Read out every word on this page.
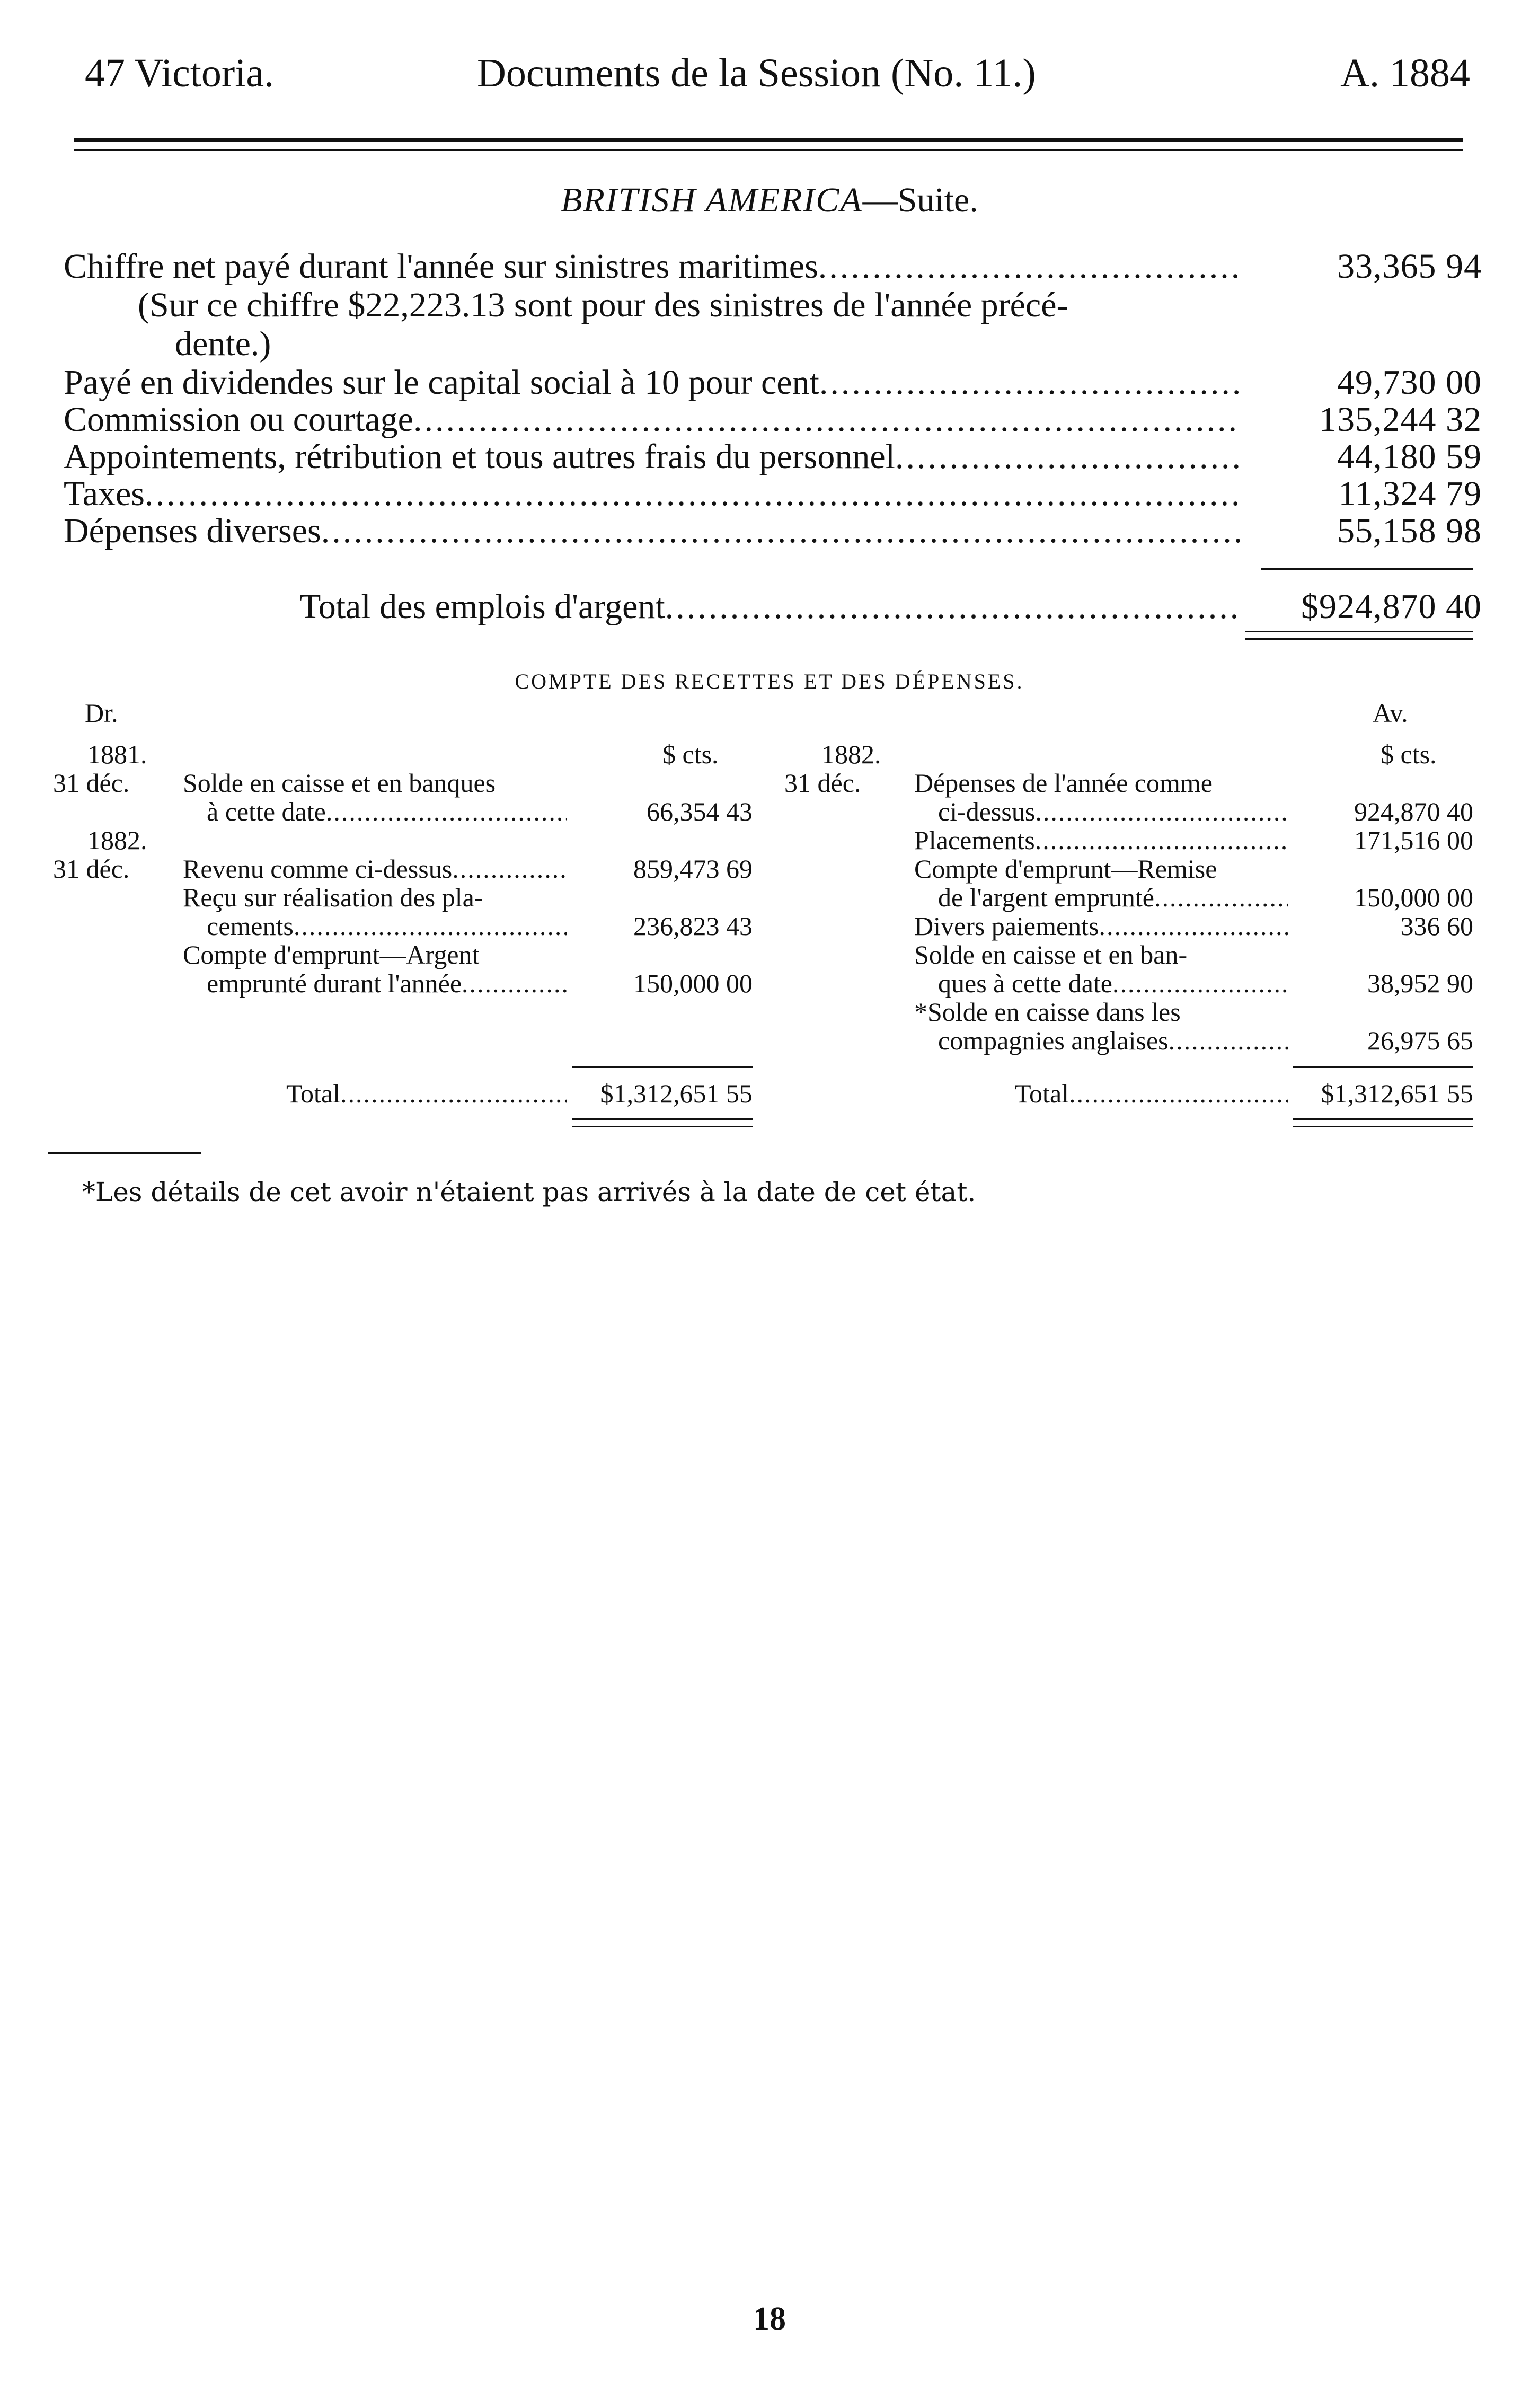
47 Victoria.	Documents de la Session (No. 11.)	A. 1884
BRITISH AMERICA—Suite.
Chiffre net payé durant l'année sur sinistres maritimes .....	33,365 94
(Sur ce chiffre $22,223.13 sont pour des sinistres de l'année précé-
dente.)
Payé en dividendes sur le capital social à 10 pour cent .....	49,730 00
Commission ou courtage .....	135,244 32
Appointements, rétribution et tous autres frais du personnel .....	44,180 59
Taxes .....	11,324 79
Dépenses diverses .....	55,158 98
Total des emplois d'argent .....	$924,870 40
COMPTE DES RECETTES ET DES DÉPENSES.
Dr.
$ cts.
1881.
31 déc. Solde en caisse et en banques
à cette date .....	66,354 43
1882.
31 déc. Revenu comme ci-dessus .....	859,473 69
Reçu sur réalisation des pla-
cements .....	236,823 43
Compte d'emprunt—Argent
emprunté durant l'année .....	150,000 00
Total .....	$1,312,651 55
Av.
$ cts.
1882.
31 déc. Dépenses de l'année comme
ci-dessus .....	924,870 40
Placements .....	171,516 00
Compte d'emprunt—Remise
de l'argent emprunté .....	150,000 00
Divers paiements .....	336 60
Solde en caisse et en ban-
ques à cette date .....	38,952 90
*Solde en caisse dans les
compagnies anglaises .....	26,975 65
Total .....	$1,312,651 55
*Les détails de cet avoir n'étaient pas arrivés à la date de cet état.
18
